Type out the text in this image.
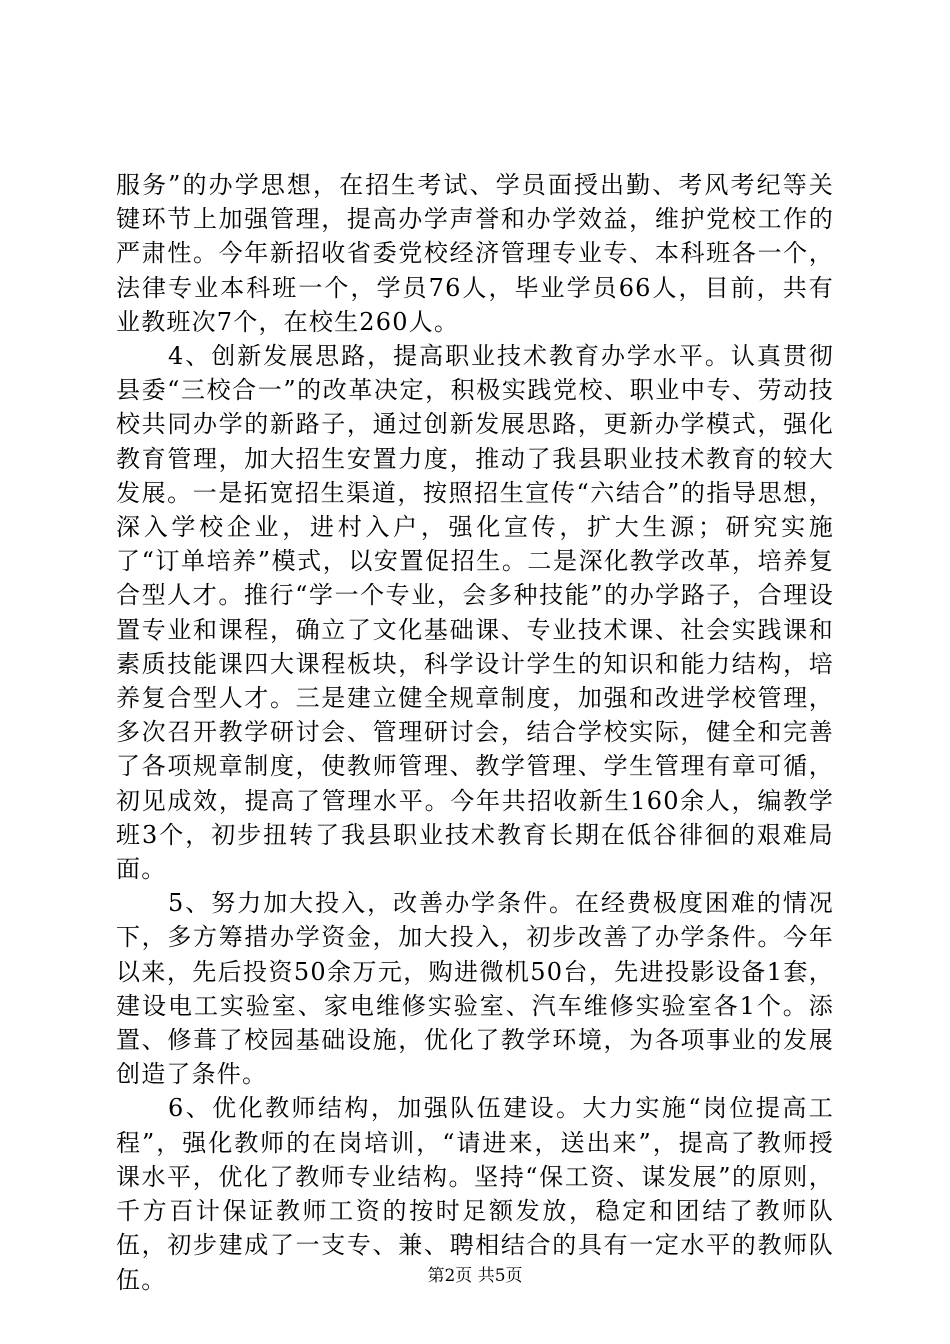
服务”的办学思想，在招生考试、学员面授出勤、考风考纪等关键环节上加强管理，提高办学声誉和办学效益，维护党校工作的严肃性。今年新招收省委党校经济管理专业专、本科班各一个，法律专业本科班一个，学员76人，毕业学员66人，目前，共有业教班次7个，在校生260人。

4、创新发展思路，提高职业技术教育办学水平。认真贯彻县委“三校合一”的改革决定，积极实践党校、职业中专、劳动技校共同办学的新路子，通过创新发展思路，更新办学模式，强化教育管理，加大招生安置力度，推动了我县职业技术教育的较大发展。一是拓宽招生渠道，按照招生宣传“六结合”的指导思想，深入学校企业，进村入户，强化宣传，扩大生源；研究实施了“订单培养”模式，以安置促招生。二是深化教学改革，培养复合型人才。推行“学一个专业，会多种技能”的办学路子，合理设置专业和课程，确立了文化基础课、专业技术课、社会实践课和素质技能课四大课程板块，科学设计学生的知识和能力结构，培养复合型人才。三是建立健全规章制度，加强和改进学校管理，多次召开教学研讨会、管理研讨会，结合学校实际，健全和完善了各项规章制度，使教师管理、教学管理、学生管理有章可循，初见成效，提高了管理水平。今年共招收新生160余人，编教学班3个，初步扭转了我县职业技术教育长期在低谷徘徊的艰难局面。

5、努力加大投入，改善办学条件。在经费极度困难的情况下，多方筹措办学资金，加大投入，初步改善了办学条件。今年以来，先后投资50余万元，购进微机50台，先进投影设备1套，建设电工实验室、家电维修实验室、汽车维修实验室各1个。添置、修葺了校园基础设施，优化了教学环境，为各项事业的发展创造了条件。

6、优化教师结构，加强队伍建设。大力实施“岗位提高工程”，强化教师的在岗培训，“请进来，送出来”，提高了教师授课水平，优化了教师专业结构。坚持“保工资、谋发展”的原则，千方百计保证教师工资的按时足额发放，稳定和团结了教师队伍，初步建成了一支专、兼、聘相结合的具有一定水平的教师队伍。	第2页 共5页
